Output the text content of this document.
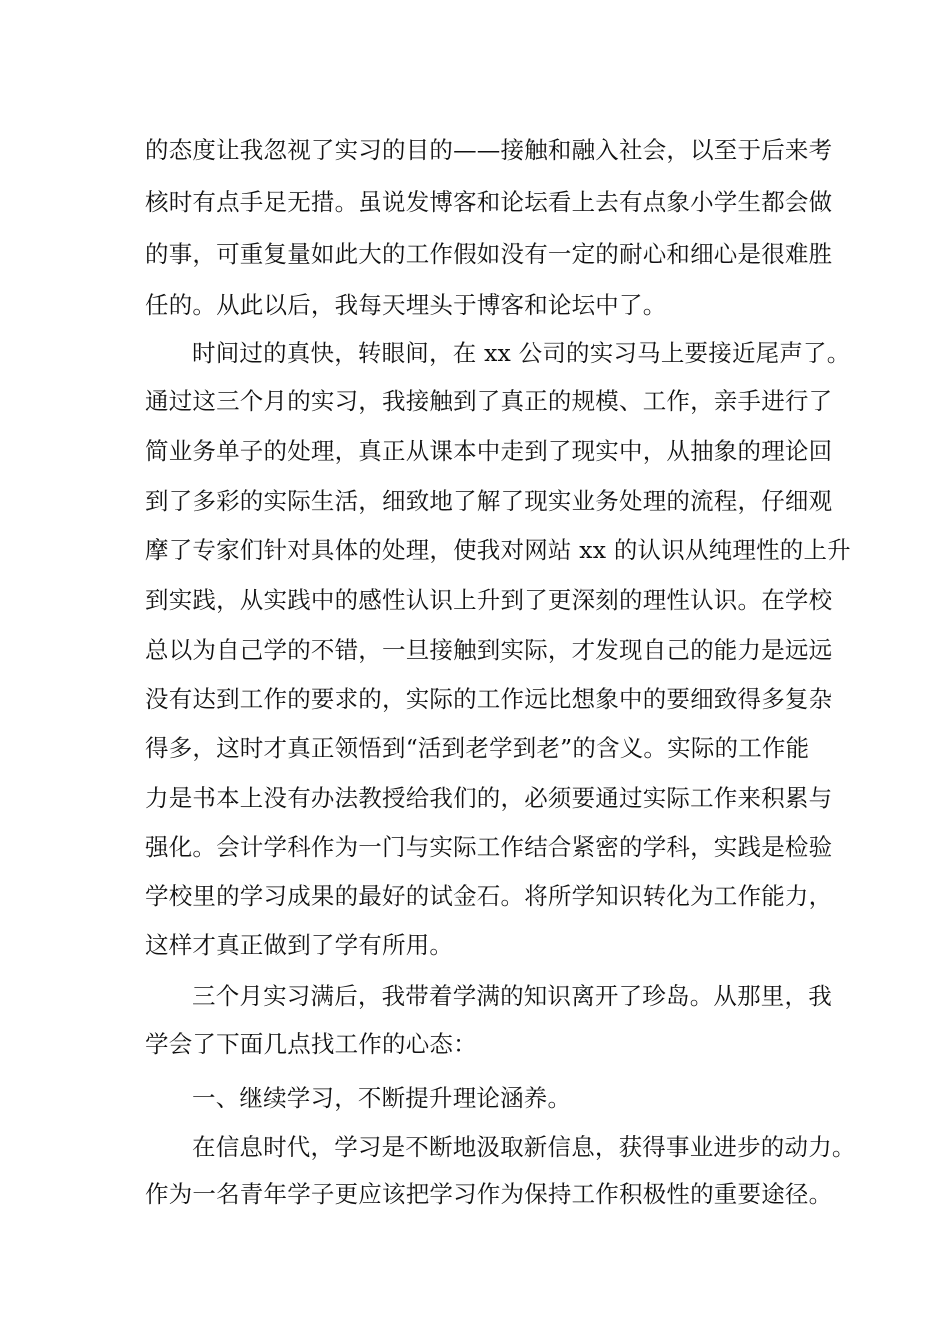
的态度让我忽视了实习的目的——接触和融入社会，以至于后来考
核时有点手足无措。虽说发博客和论坛看上去有点象小学生都会做
的事，可重复量如此大的工作假如没有一定的耐心和细心是很难胜
任的。从此以后，我每天埋头于博客和论坛中了。
时间过的真快，转眼间，在 xx 公司的实习马上要接近尾声了。
通过这三个月的实习，我接触到了真正的规模、工作，亲手进行了
简业务单子的处理，真正从课本中走到了现实中，从抽象的理论回
到了多彩的实际生活，细致地了解了现实业务处理的流程，仔细观
摩了专家们针对具体的处理，使我对网站 xx 的认识从纯理性的上升
到实践，从实践中的感性认识上升到了更深刻的理性认识。在学校
总以为自己学的不错，一旦接触到实际，才发现自己的能力是远远
没有达到工作的要求的，实际的工作远比想象中的要细致得多复杂
得多，这时才真正领悟到“活到老学到老”的含义。实际的工作能
力是书本上没有办法教授给我们的，必须要通过实际工作来积累与
强化。会计学科作为一门与实际工作结合紧密的学科，实践是检验
学校里的学习成果的最好的试金石。将所学知识转化为工作能力，
这样才真正做到了学有所用。
三个月实习满后，我带着学满的知识离开了珍岛。从那里，我
学会了下面几点找工作的心态：
一、继续学习，不断提升理论涵养。
在信息时代，学习是不断地汲取新信息，获得事业进步的动力。
作为一名青年学子更应该把学习作为保持工作积极性的重要途径。
